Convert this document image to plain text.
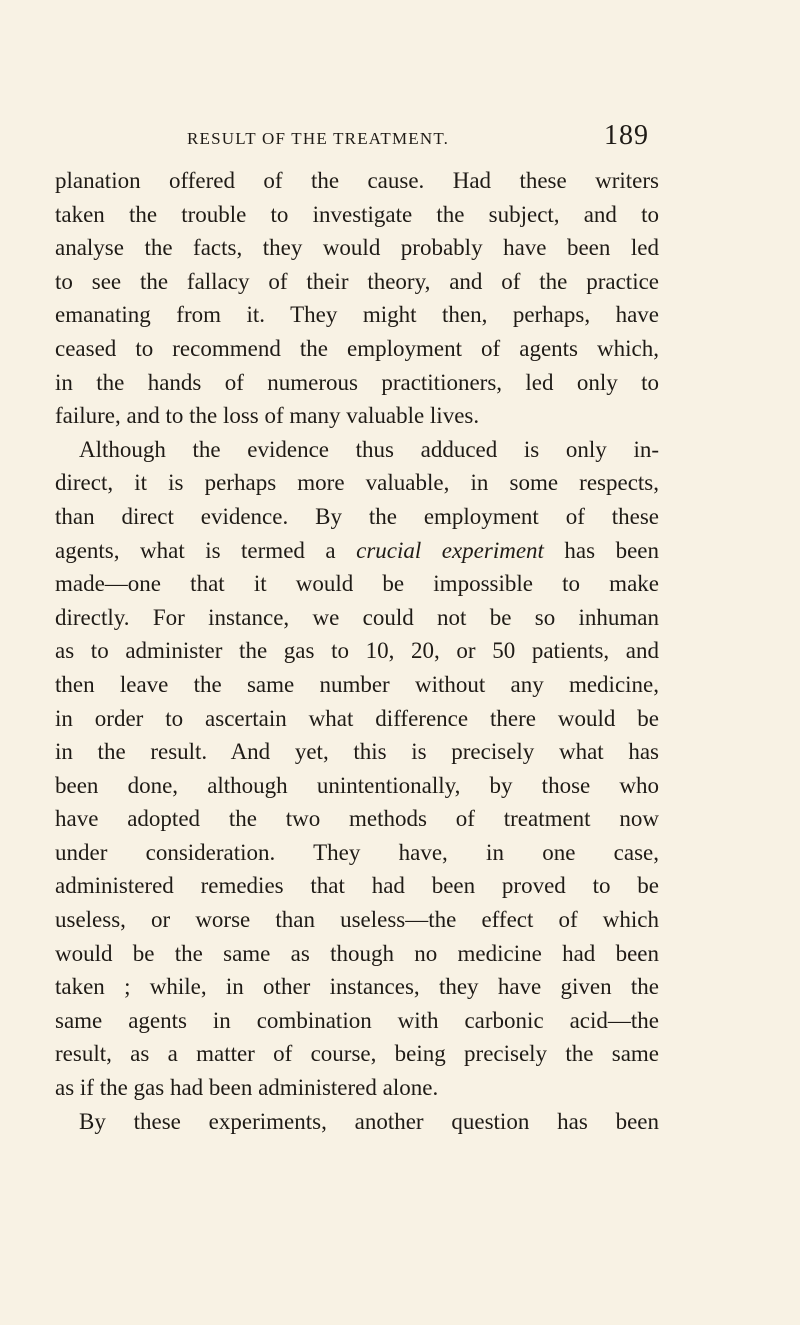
RESULT OF THE TREATMENT.	189
planation offered of the cause. Had these writers
taken the trouble to investigate the subject, and to
analyse the facts, they would probably have been led
to see the fallacy of their theory, and of the practice
emanating from it. They might then, perhaps, have
ceased to recommend the employment of agents which,
in the hands of numerous practitioners, led only to
failure, and to the loss of many valuable lives.
Although the evidence thus adduced is only in-
direct, it is perhaps more valuable, in some respects,
than direct evidence. By the employment of these
agents, what is termed a crucial experiment has been
made—one that it would be impossible to make
directly. For instance, we could not be so inhuman
as to administer the gas to 10, 20, or 50 patients, and
then leave the same number without any medicine,
in order to ascertain what difference there would be
in the result. And yet, this is precisely what has
been done, although unintentionally, by those who
have adopted the two methods of treatment now
under consideration. They have, in one case,
administered remedies that had been proved to be
useless, or worse than useless—the effect of which
would be the same as though no medicine had been
taken ; while, in other instances, they have given the
same agents in combination with carbonic acid—the
result, as a matter of course, being precisely the same
as if the gas had been administered alone.
By these experiments, another question has been
